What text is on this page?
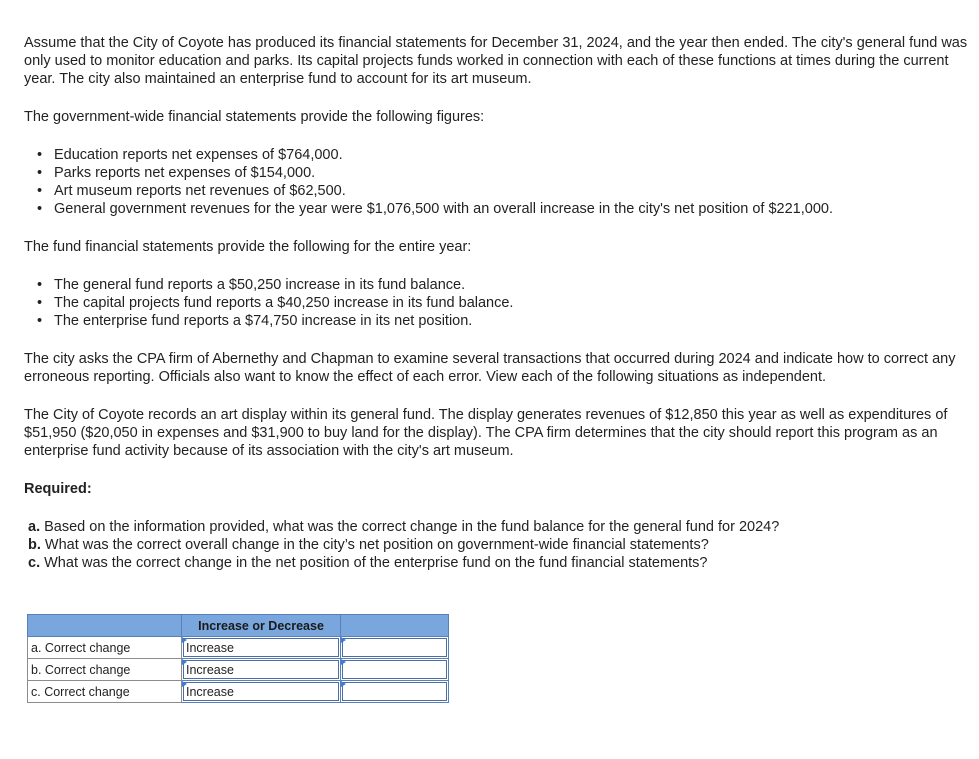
Assume that the City of Coyote has produced its financial statements for December 31, 2024, and the year then ended. The city's general fund was only used to monitor education and parks. Its capital projects funds worked in connection with each of these functions at times during the current year. The city also maintained an enterprise fund to account for its art museum.

The government-wide financial statements provide the following figures:

• Education reports net expenses of $764,000.
• Parks reports net expenses of $154,000.
• Art museum reports net revenues of $62,500.
• General government revenues for the year were $1,076,500 with an overall increase in the city's net position of $221,000.

The fund financial statements provide the following for the entire year:

• The general fund reports a $50,250 increase in its fund balance.
• The capital projects fund reports a $40,250 increase in its fund balance.
• The enterprise fund reports a $74,750 increase in its net position.

The city asks the CPA firm of Abernethy and Chapman to examine several transactions that occurred during 2024 and indicate how to correct any erroneous reporting. Officials also want to know the effect of each error. View each of the following situations as independent.

The City of Coyote records an art display within its general fund. The display generates revenues of $12,850 this year as well as expenditures of $51,950 ($20,050 in expenses and $31,900 to buy land for the display). The CPA firm determines that the city should report this program as an enterprise fund activity because of its association with the city's art museum.

Required:

a. Based on the information provided, what was the correct change in the fund balance for the general fund for 2024?

b. What was the correct overall change in the city’s net position on government-wide financial statements?

c. What was the correct change in the net position of the enterprise fund on the fund financial statements?

	Increase or Decrease	
a. Correct change	Increase	

b. Correct change	Increase	

c. Correct change	Increase	
